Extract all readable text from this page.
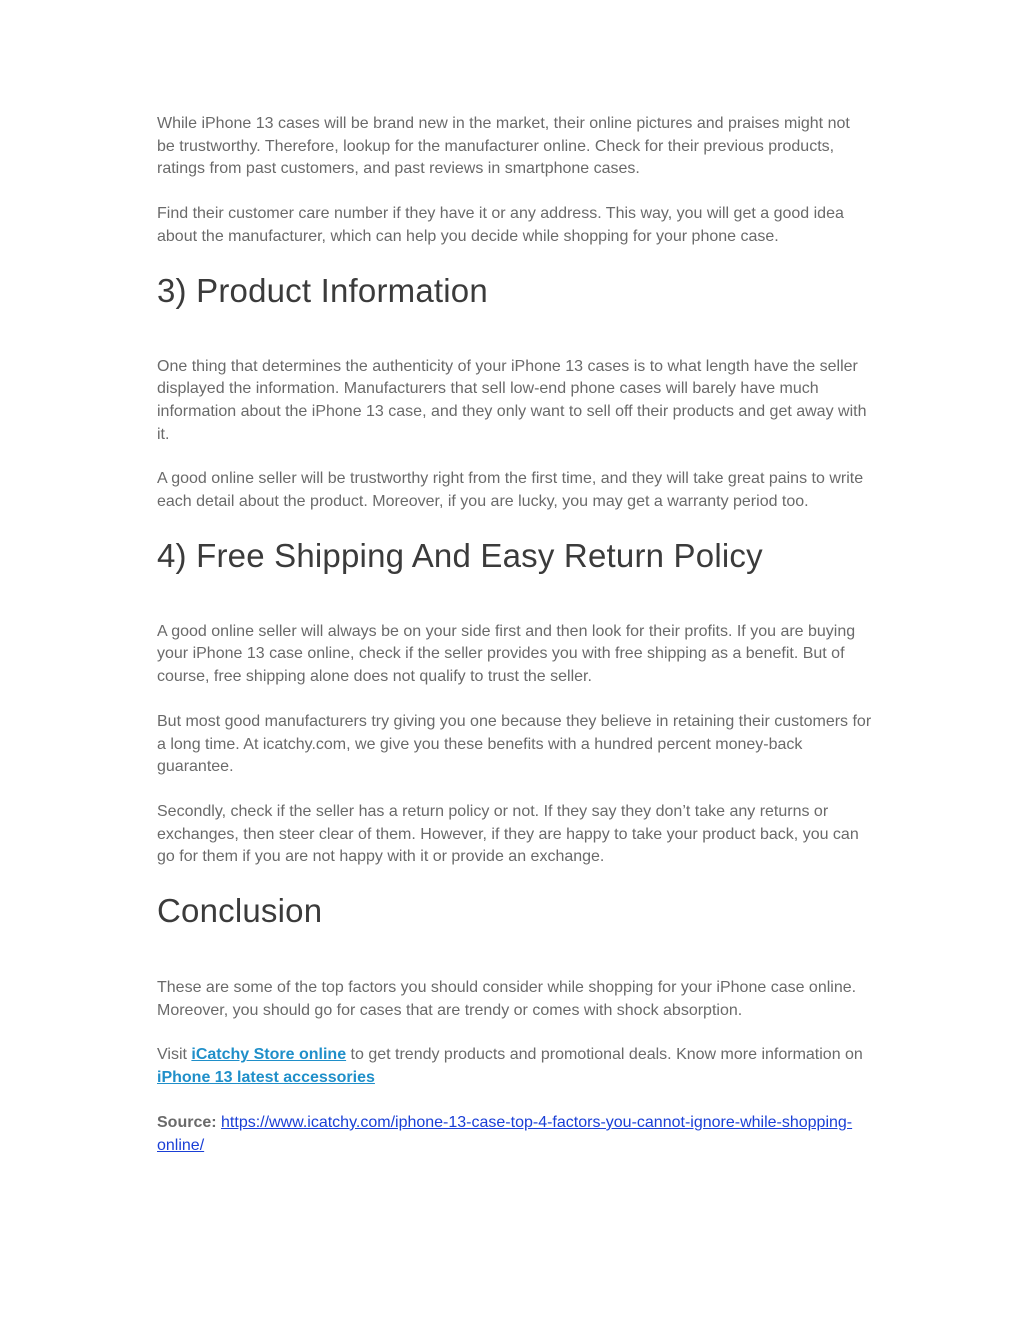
While iPhone 13 cases will be brand new in the market, their online pictures and praises might not be trustworthy. Therefore, lookup for the manufacturer online. Check for their previous products, ratings from past customers, and past reviews in smartphone cases.

Find their customer care number if they have it or any address. This way, you will get a good idea about the manufacturer, which can help you decide while shopping for your phone case.

3) Product Information

One thing that determines the authenticity of your iPhone 13 cases is to what length have the seller displayed the information. Manufacturers that sell low-end phone cases will barely have much information about the iPhone 13 case, and they only want to sell off their products and get away with it.

A good online seller will be trustworthy right from the first time, and they will take great pains to write each detail about the product. Moreover, if you are lucky, you may get a warranty period too.

4) Free Shipping And Easy Return Policy

A good online seller will always be on your side first and then look for their profits. If you are buying your iPhone 13 case online, check if the seller provides you with free shipping as a benefit. But of course, free shipping alone does not qualify to trust the seller.

But most good manufacturers try giving you one because they believe in retaining their customers for a long time. At icatchy.com, we give you these benefits with a hundred percent money-back guarantee.

Secondly, check if the seller has a return policy or not. If they say they don’t take any returns or exchanges, then steer clear of them. However, if they are happy to take your product back, you can go for them if you are not happy with it or provide an exchange.

Conclusion

These are some of the top factors you should consider while shopping for your iPhone case online. Moreover, you should go for cases that are trendy or comes with shock absorption.

Visit iCatchy Store online to get trendy products and promotional deals. Know more information on iPhone 13 latest accessories

Source: https://www.icatchy.com/iphone-13-case-top-4-factors-you-cannot-ignore-while-shopping-online/
